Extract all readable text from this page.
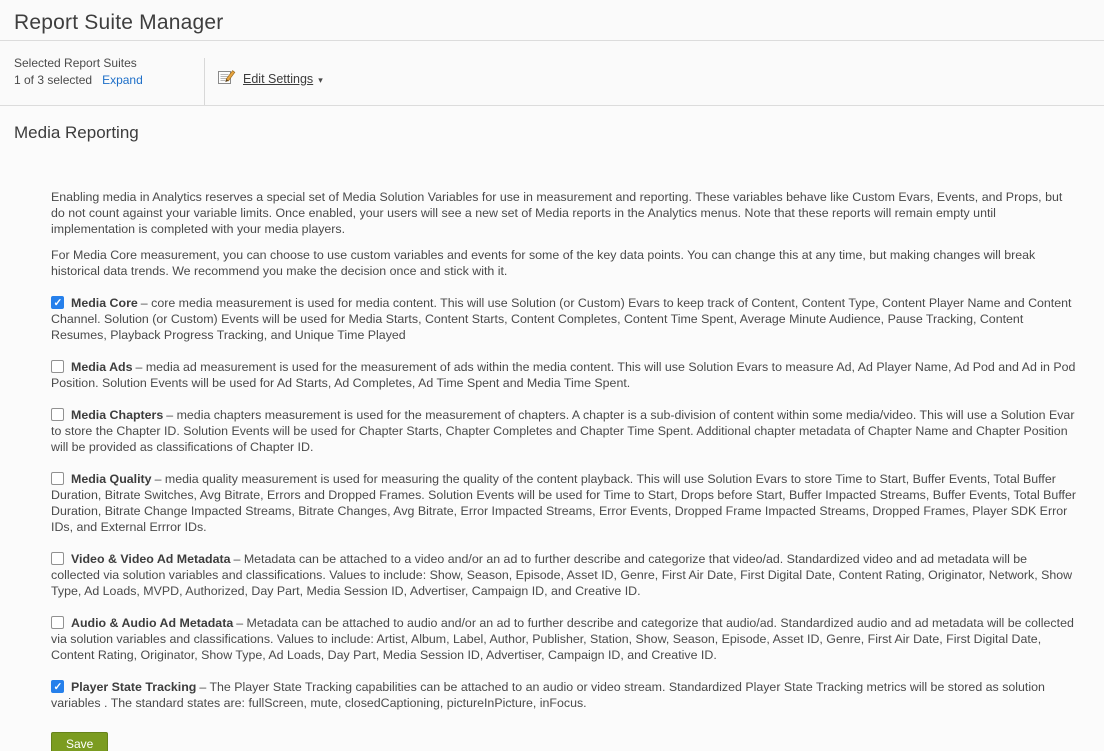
Report Suite Manager
Selected Report Suites
1 of 3 selected Expand	Edit Settings ▾
Media Reporting

Enabling media in Analytics reserves a special set of Media Solution Variables for use in measurement and reporting. These variables behave like Custom Evars, Events, and Props, but do not count against your variable limits. Once enabled, your users will see a new set of Media reports in the Analytics menus. Note that these reports will remain empty until implementation is completed with your media players.

For Media Core measurement, you can choose to use custom variables and events for some of the key data points. You can change this at any time, but making changes will break historical data trends. We recommend you make the decision once and stick with it.

✓Media Core – core media measurement is used for media content. This will use Solution (or Custom) Evars to keep track of Content, Content Type, Content Player Name and Content Channel. Solution (or Custom) Events will be used for Media Starts, Content Starts, Content Completes, Content Time Spent, Average Minute Audience, Pause Tracking, Content Resumes, Playback Progress Tracking, and Unique Time Played
Media Ads – media ad measurement is used for the measurement of ads within the media content. This will use Solution Evars to measure Ad, Ad Player Name, Ad Pod and Ad in Pod Position. Solution Events will be used for Ad Starts, Ad Completes, Ad Time Spent and Media Time Spent.
Media Chapters – media chapters measurement is used for the measurement of chapters. A chapter is a sub-division of content within some media/video. This will use a Solution Evar to store the Chapter ID. Solution Events will be used for Chapter Starts, Chapter Completes and Chapter Time Spent. Additional chapter metadata of Chapter Name and Chapter Position will be provided as classifications of Chapter ID.
Media Quality – media quality measurement is used for measuring the quality of the content playback. This will use Solution Evars to store Time to Start, Buffer Events, Total Buffer Duration, Bitrate Switches, Avg Bitrate, Errors and Dropped Frames. Solution Events will be used for Time to Start, Drops before Start, Buffer Impacted Streams, Buffer Events, Total Buffer Duration, Bitrate Change Impacted Streams, Bitrate Changes, Avg Bitrate, Error Impacted Streams, Error Events, Dropped Frame Impacted Streams, Dropped Frames, Player SDK Error IDs, and External Errror IDs.
Video & Video Ad Metadata – Metadata can be attached to a video and/or an ad to further describe and categorize that video/ad. Standardized video and ad metadata will be collected via solution variables and classifications. Values to include: Show, Season, Episode, Asset ID, Genre, First Air Date, First Digital Date, Content Rating, Originator, Network, Show Type, Ad Loads, MVPD, Authorized, Day Part, Media Session ID, Advertiser, Campaign ID, and Creative ID.
Audio & Audio Ad Metadata – Metadata can be attached to audio and/or an ad to further describe and categorize that audio/ad. Standardized audio and ad metadata will be collected via solution variables and classifications. Values to include: Artist, Album, Label, Author, Publisher, Station, Show, Season, Episode, Asset ID, Genre, First Air Date, First Digital Date, Content Rating, Originator, Show Type, Ad Loads, Day Part, Media Session ID, Advertiser, Campaign ID, and Creative ID.
✓Player State Tracking – The Player State Tracking capabilities can be attached to an audio or video stream. Standardized Player State Tracking metrics will be stored as solution variables . The standard states are: fullScreen, mute, closedCaptioning, pictureInPicture, inFocus.
Save
